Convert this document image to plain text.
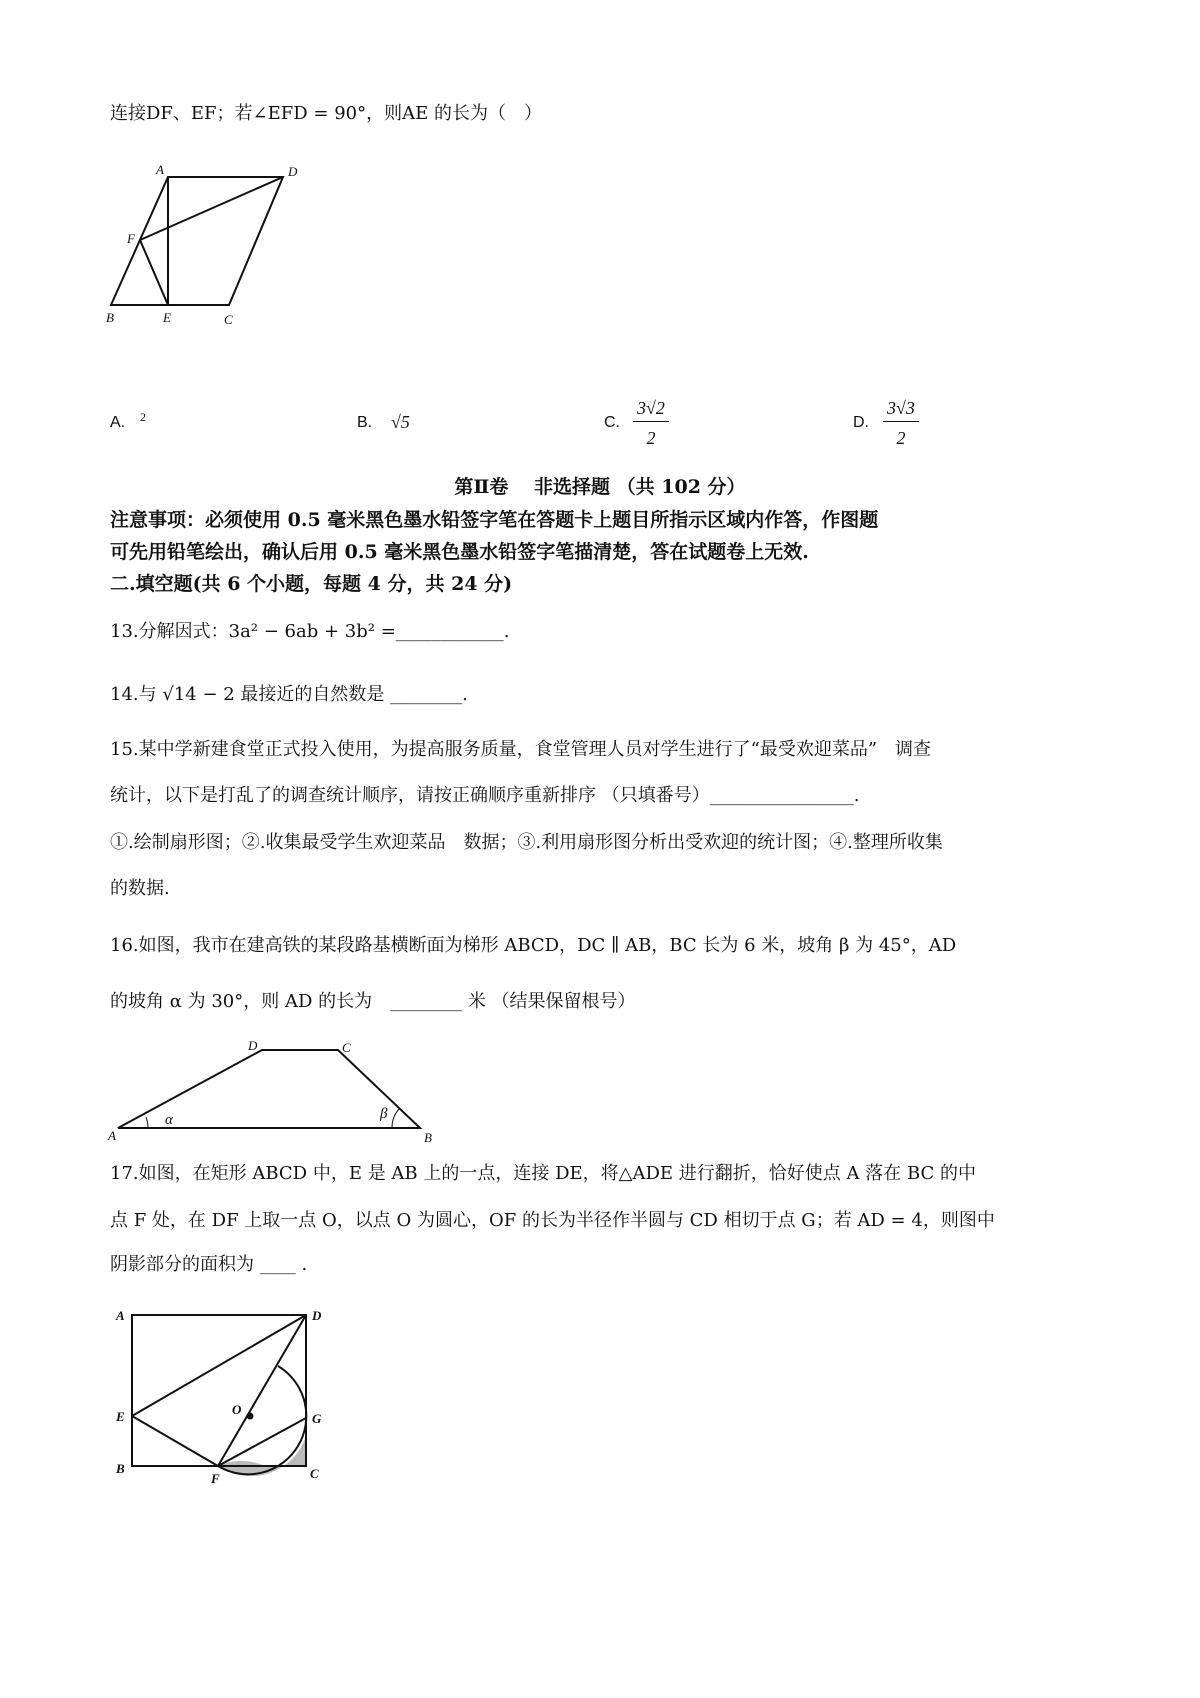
连接DF、EF；若∠EFD = 90°，则AE 的长为（　）
A	D
F
B	E	C
D	C
A	B
α	β
A	D
E	O
G
B
F	C
A. 2	B. √5	C. $\frac{3√2}{2}$	D. $\frac{3√3}{2}$
第Ⅱ卷　 非选择题 （共 102 分）
注意事项：必须使用 0.5 毫米黑色墨水铅签字笔在答题卡上题目所指示区域内作答，作图题
可先用铅笔绘出，确认后用 0.5 毫米黑色墨水铅签字笔描清楚，答在试题卷上无效.
二.填空题(共 6 个小题，每题 4 分，共 24 分)
13.分解因式：3a² − 6ab + 3b² =____________.
14.与 √14 − 2 最接近的自然数是 ________.
15.某中学新建食堂正式投入使用，为提高服务质量，食堂管理人员对学生进行了“最受欢迎菜品”　调查
统计，以下是打乱了的调查统计顺序，请按正确顺序重新排序 （只填番号）________________.
①.绘制扇形图；②.收集最受学生欢迎菜品　数据；③.利用扇形图分析出受欢迎的统计图；④.整理所收集
的数据.
16.如图，我市在建高铁的某段路基横断面为梯形 ABCD，DC ∥ AB，BC 长为 6 米，坡角 β 为 45°，AD
的坡角 α 为 30°，则 AD 的长为　________ 米 （结果保留根号）
17.如图，在矩形 ABCD 中，E 是 AB 上的一点，连接 DE，将△ADE 进行翻折，恰好使点 A 落在 BC 的中
点 F 处，在 DF 上取一点 O，以点 O 为圆心，OF 的长为半径作半圆与 CD 相切于点 G；若 AD = 4，则图中
阴影部分的面积为 ____ .
